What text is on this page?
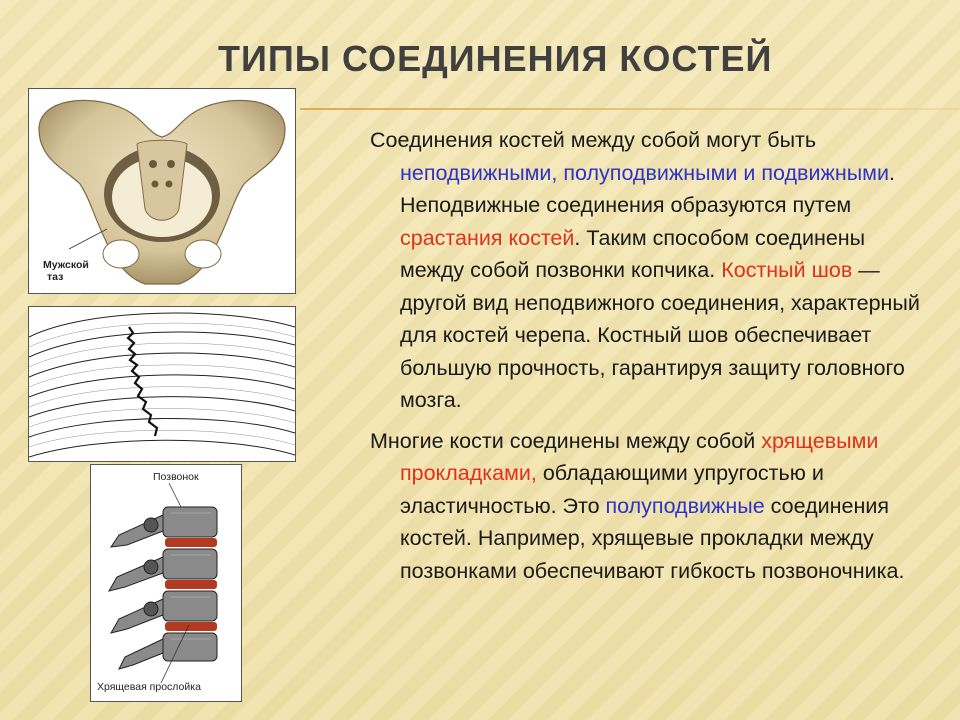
ТИПЫ СОЕДИНЕНИЯ КОСТЕЙ
Мужской
таз
Позвонок
Хрящевая прослойка

Соединения костей между собой могут быть неподвижными, полуподвижными и подвижными. Неподвижные соединения образуются путем срастания костей. Таким способом соединены между собой позвонки копчика. Костный шов — другой вид неподвижного соединения, характерный для костей черепа. Костный шов обеспечивает большую прочность, гарантируя защиту головного мозга.

Многие кости соединены между собой хрящевыми прокладками, обладающими упругостью и эластичностью. Это полуподвижные соединения костей. Например, хрящевые прокладки между позвонками обеспечивают гибкость позвоночника.
